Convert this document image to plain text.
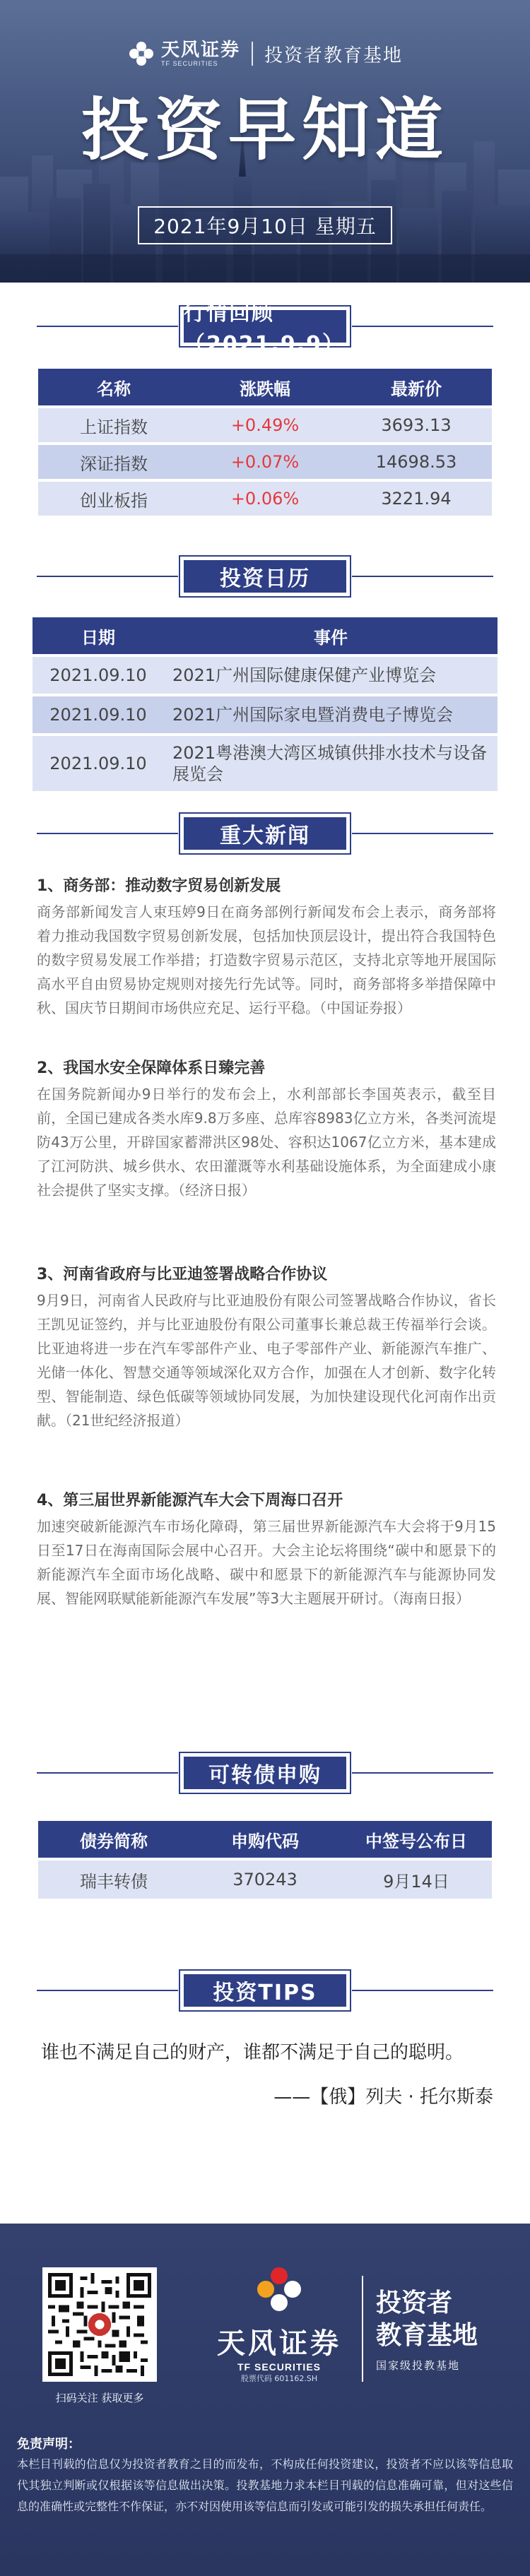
天风证券
TF SECURITIES	投资者教育基地
投资早知道
2021年9月10日 星期五
行情回顾（2021.9.9）
名称	涨跌幅	最新价
上证指数	+0.49%	3693.13
深证指数	+0.07%	14698.53
创业板指	+0.06%	3221.94
投资日历
日期	事件
2021.09.10	2021广州国际健康保健产业博览会
2021.09.10	2021广州国际家电暨消费电子博览会
2021.09.10	2021粤港澳大湾区城镇供排水技术与设备展览会
重大新闻
1、商务部：推动数字贸易创新发展
商务部新闻发言人束珏婷9日在商务部例行新闻发布会上表示，商务部将着力推动我国数字贸易创新发展，包括加快顶层设计，提出符合我国特色的数字贸易发展工作举措；打造数字贸易示范区，支持北京等地开展国际高水平自由贸易协定规则对接先行先试等。同时，商务部将多举措保障中秋、国庆节日期间市场供应充足、运行平稳。（中国证券报）
2、我国水安全保障体系日臻完善
在国务院新闻办9日举行的发布会上，水利部部长李国英表示，截至目前，全国已建成各类水库9.8万多座、总库容8983亿立方米，各类河流堤防43万公里，开辟国家蓄滞洪区98处、容积达1067亿立方米，基本建成了江河防洪、城乡供水、农田灌溉等水利基础设施体系，为全面建成小康社会提供了坚实支撑。（经济日报）
3、河南省政府与比亚迪签署战略合作协议
9月9日，河南省人民政府与比亚迪股份有限公司签署战略合作协议，省长王凯见证签约，并与比亚迪股份有限公司董事长兼总裁王传福举行会谈。比亚迪将进一步在汽车零部件产业、电子零部件产业、新能源汽车推广、光储一体化、智慧交通等领域深化双方合作，加强在人才创新、数字化转型、智能制造、绿色低碳等领域协同发展，为加快建设现代化河南作出贡献。（21世纪经济报道）
4、第三届世界新能源汽车大会下周海口召开
加速突破新能源汽车市场化障碍，第三届世界新能源汽车大会将于9月15日至17日在海南国际会展中心召开。大会主论坛将围绕“碳中和愿景下的新能源汽车全面市场化战略、碳中和愿景下的新能源汽车与能源协同发展、智能网联赋能新能源汽车发展”等3大主题展开研讨。（海南日报）
可转债申购
债券简称	申购代码	中签号公布日
瑞丰转债	370243	9月14日
投资TIPS
谁也不满足自己的财产，谁都不满足于自己的聪明。
——【俄】列夫 · 托尔斯泰
扫码关注 获取更多
天风证券
TF SECURITIES
股票代码 601162.SH
投资者
教育基地
国家级投教基地
免责声明：
本栏目刊载的信息仅为投资者教育之目的而发布，不构成任何投资建议，投资者不应以该等信息取代其独立判断或仅根据该等信息做出决策。投教基地力求本栏目刊载的信息准确可靠，但对这些信息的准确性或完整性不作保证，亦不对因使用该等信息而引发或可能引发的损失承担任何责任。
